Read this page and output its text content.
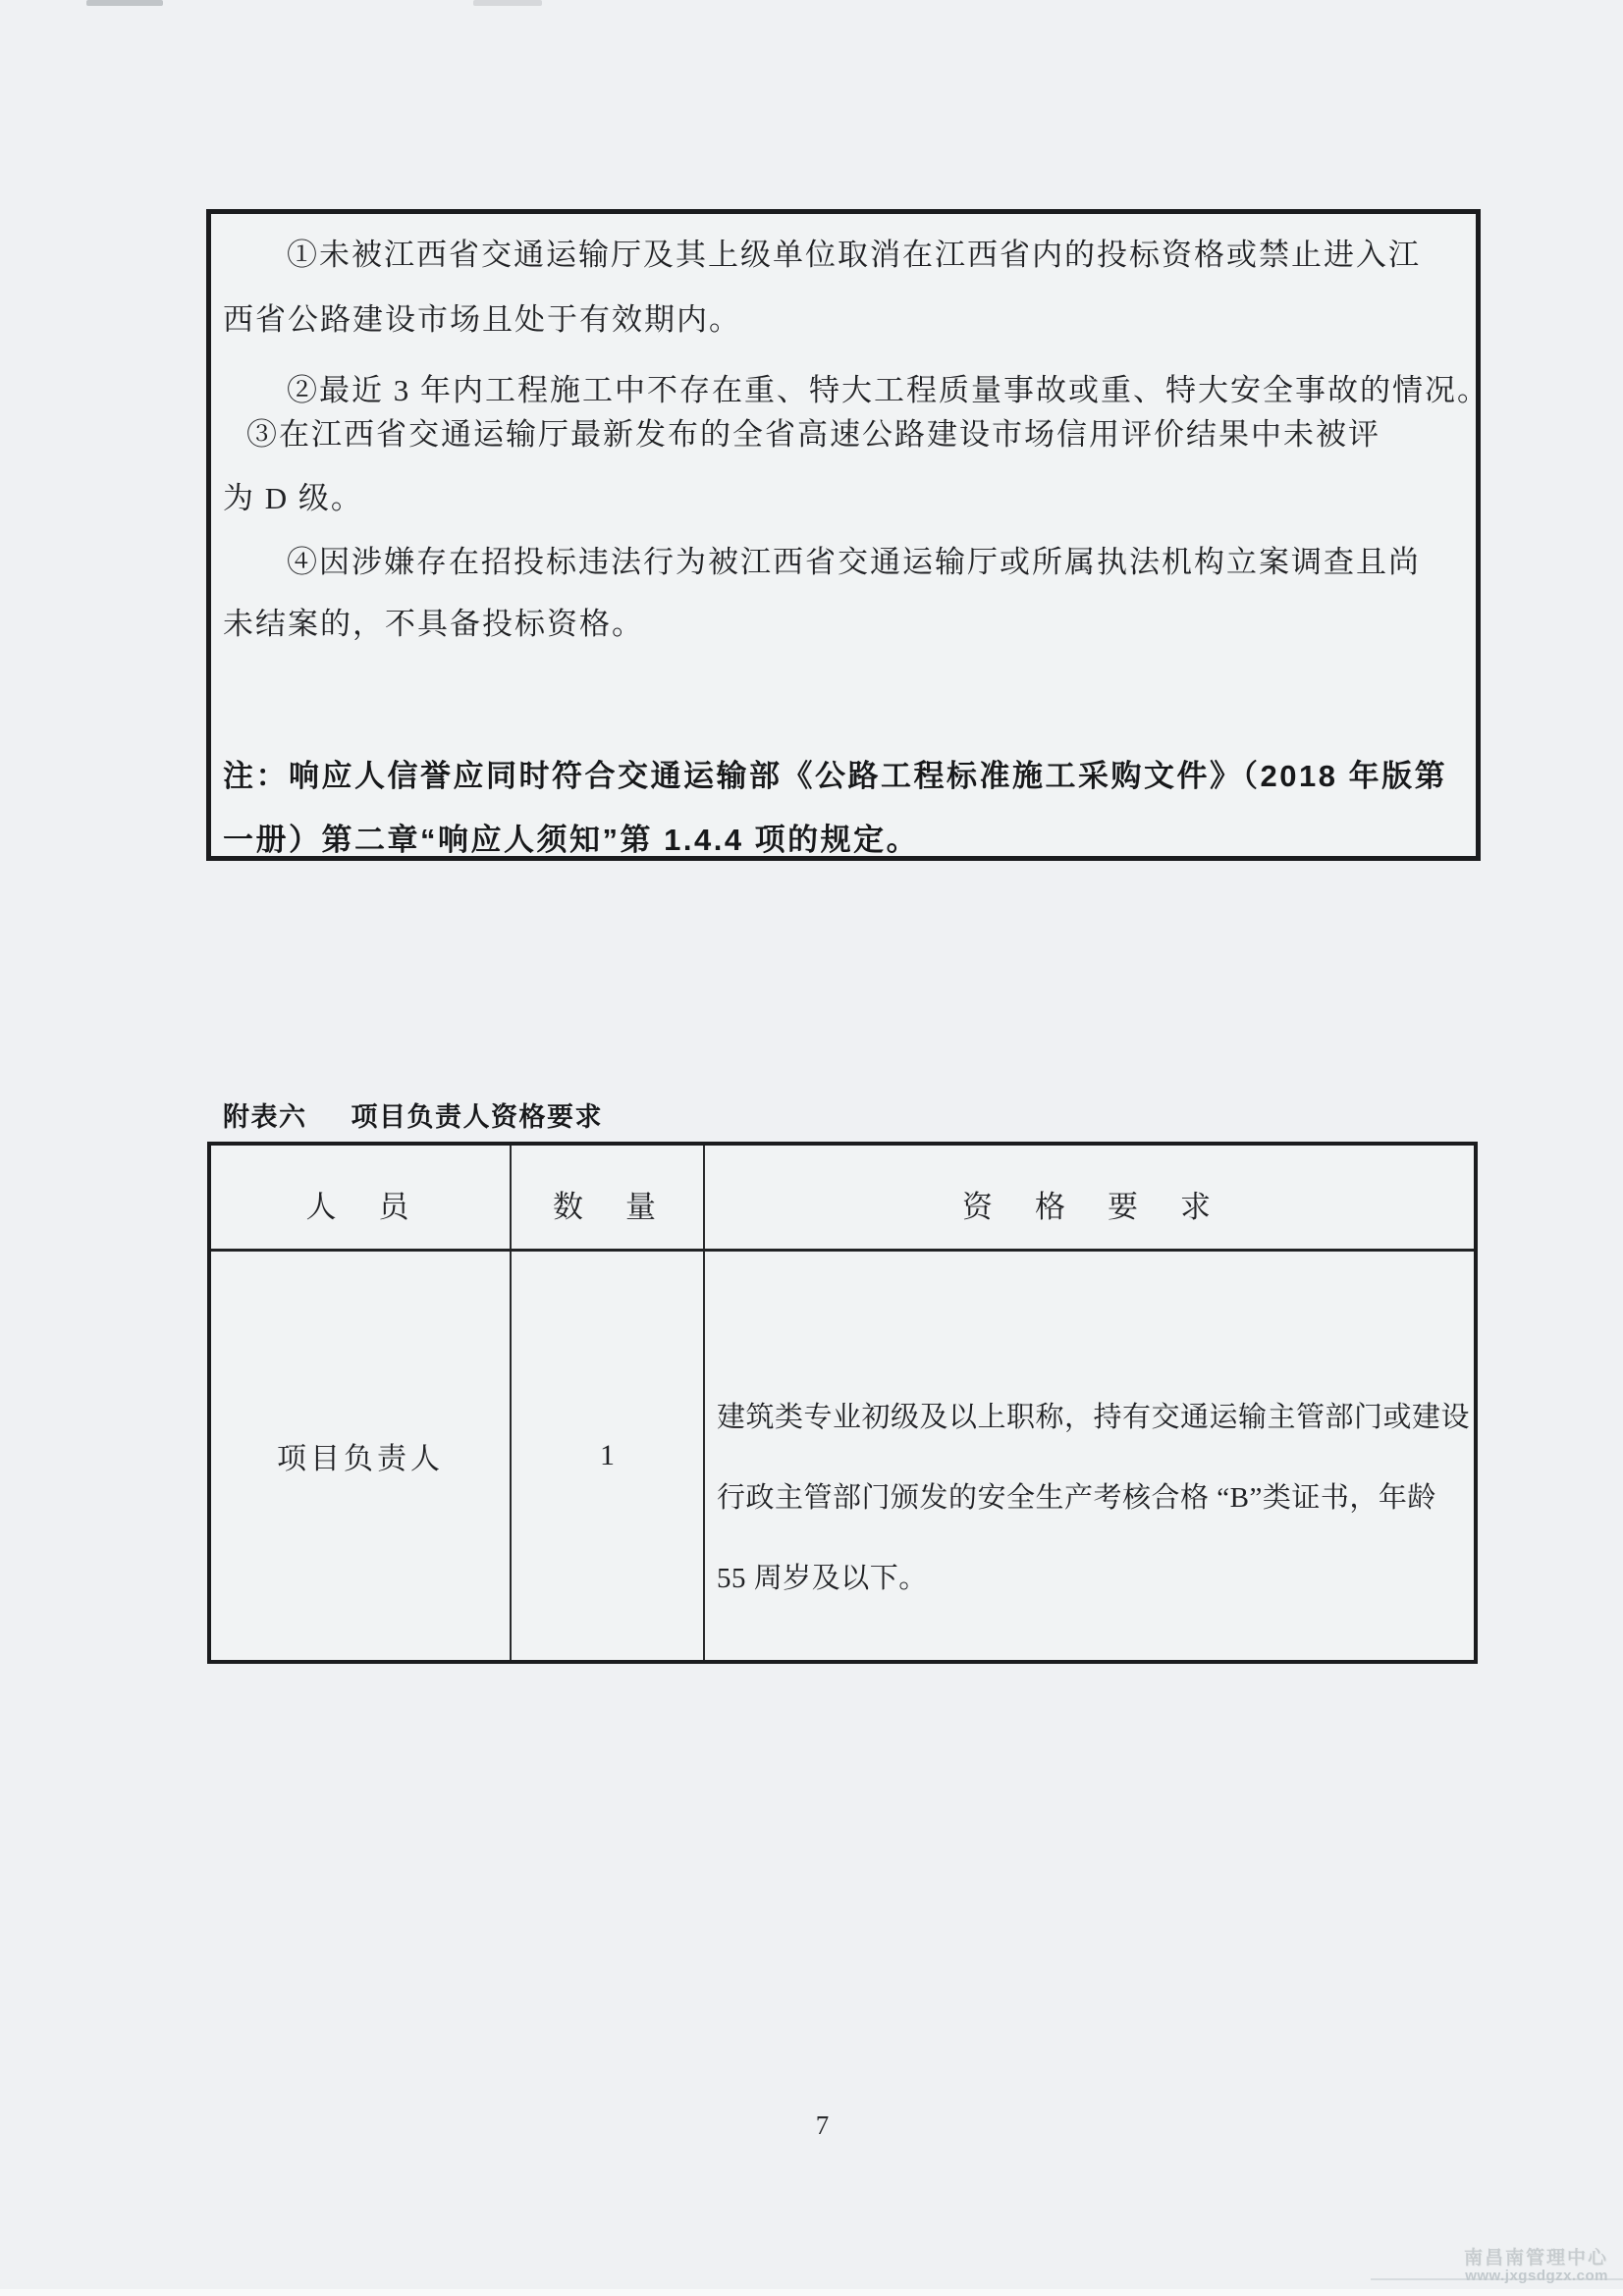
①未被江西省交通运输厅及其上级单位取消在江西省内的投标资格或禁止进入江
西省公路建设市场且处于有效期内。
②最近 3 年内工程施工中不存在重、特大工程质量事故或重、特大安全事故的情况。
③在江西省交通运输厅最新发布的全省高速公路建设市场信用评价结果中未被评
为 D 级。
④因涉嫌存在招投标违法行为被江西省交通运输厅或所属执法机构立案调查且尚
未结案的，不具备投标资格。
注：响应人信誉应同时符合交通运输部《公路工程标准施工采购文件》（2018 年版第
一册）第二章“响应人须知”第 1.4.4 项的规定。
附表六 项目负责人资格要求
人　员	数　量	资　格　要　求
项目负责人	1
建筑类专业初级及以上职称，持有交通运输主管部门或建设
行政主管部门颁发的安全生产考核合格 “B”类证书，年龄
55 周岁及以下。
7
南昌南管理中心
www.jxgsdgzx.com
